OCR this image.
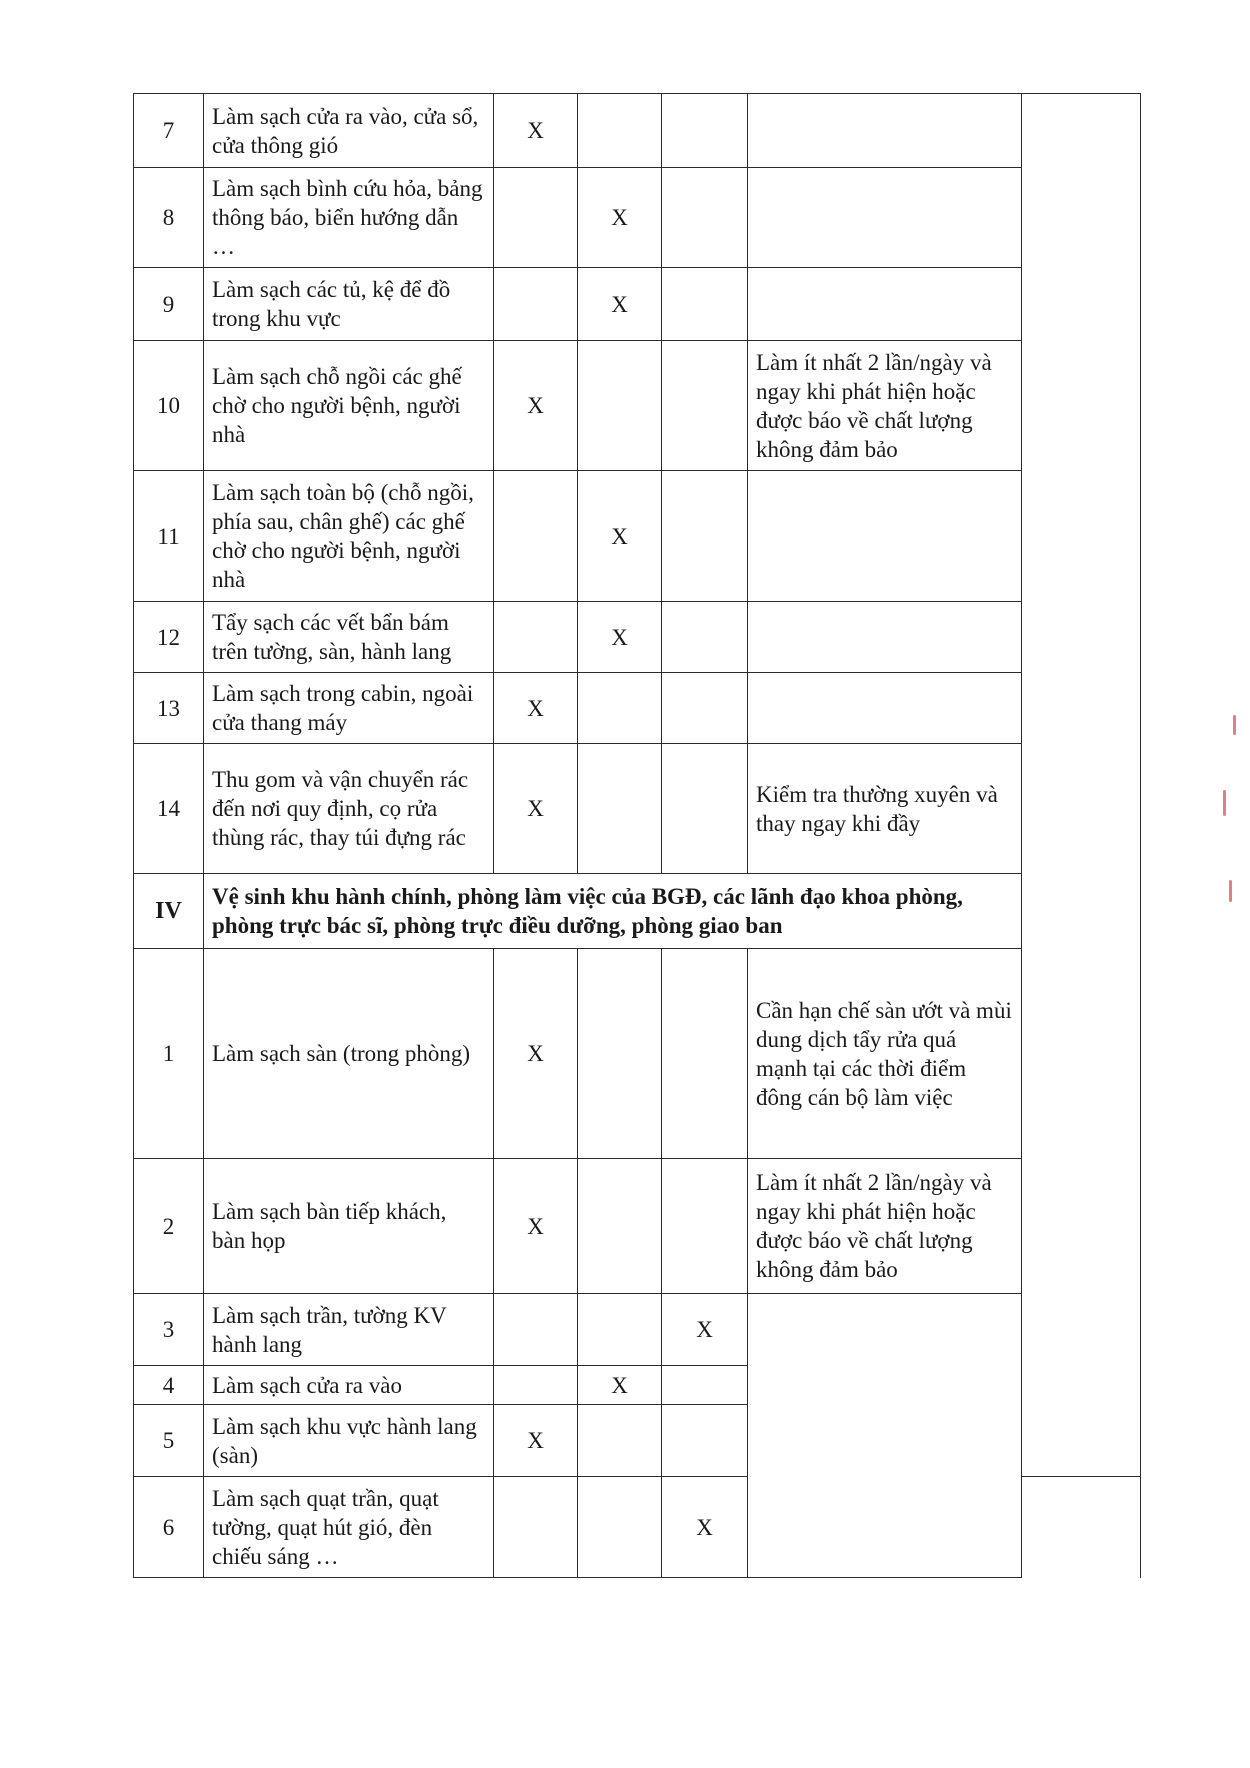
7	Làm sạch cửa ra vào, cửa sổ, cửa thông gió	X					
8	Làm sạch bình cứu hỏa, bảng thông báo, biển hướng dẫn …		X				
9	Làm sạch các tủ, kệ để đồ trong khu vực		X				
10	Làm sạch chỗ ngồi các ghế chờ cho người bệnh, người nhà	X			Làm ít nhất 2 lần/ngày và ngay khi phát hiện hoặc được báo về chất lượng không đảm bảo		
11	Làm sạch toàn bộ (chỗ ngồi, phía sau, chân ghế) các ghế chờ cho người bệnh, người nhà		X				
12	Tẩy sạch các vết bẩn bám trên tường, sàn, hành lang		X				
13	Làm sạch trong cabin, ngoài cửa thang máy	X					
14	Thu gom và vận chuyển rác đến nơi quy định, cọ rửa thùng rác, thay túi đựng rác	X			Kiểm tra thường xuyên và thay ngay khi đầy		
IV	Vệ sinh khu hành chính, phòng làm việc của BGĐ, các lãnh đạo khoa phòng, phòng trực bác sĩ, phòng trực điều dưỡng, phòng giao ban						
1	Làm sạch sàn (trong phòng)	X			Cần hạn chế sàn ướt và mùi dung dịch tẩy rửa quá mạnh tại các thời điểm đông cán bộ làm việc	
2	Làm sạch bàn tiếp khách, bàn họp	X			Làm ít nhất 2 lần/ngày và ngay khi phát hiện hoặc được báo về chất lượng không đảm bảo		
3	Làm sạch trần, tường KV hành lang			X			
4	Làm sạch cửa ra vào		X				
5	Làm sạch khu vực hành lang (sàn)	X					
6	Làm sạch quạt trần, quạt tường, quạt hút gió, đèn chiếu sáng …			X			
